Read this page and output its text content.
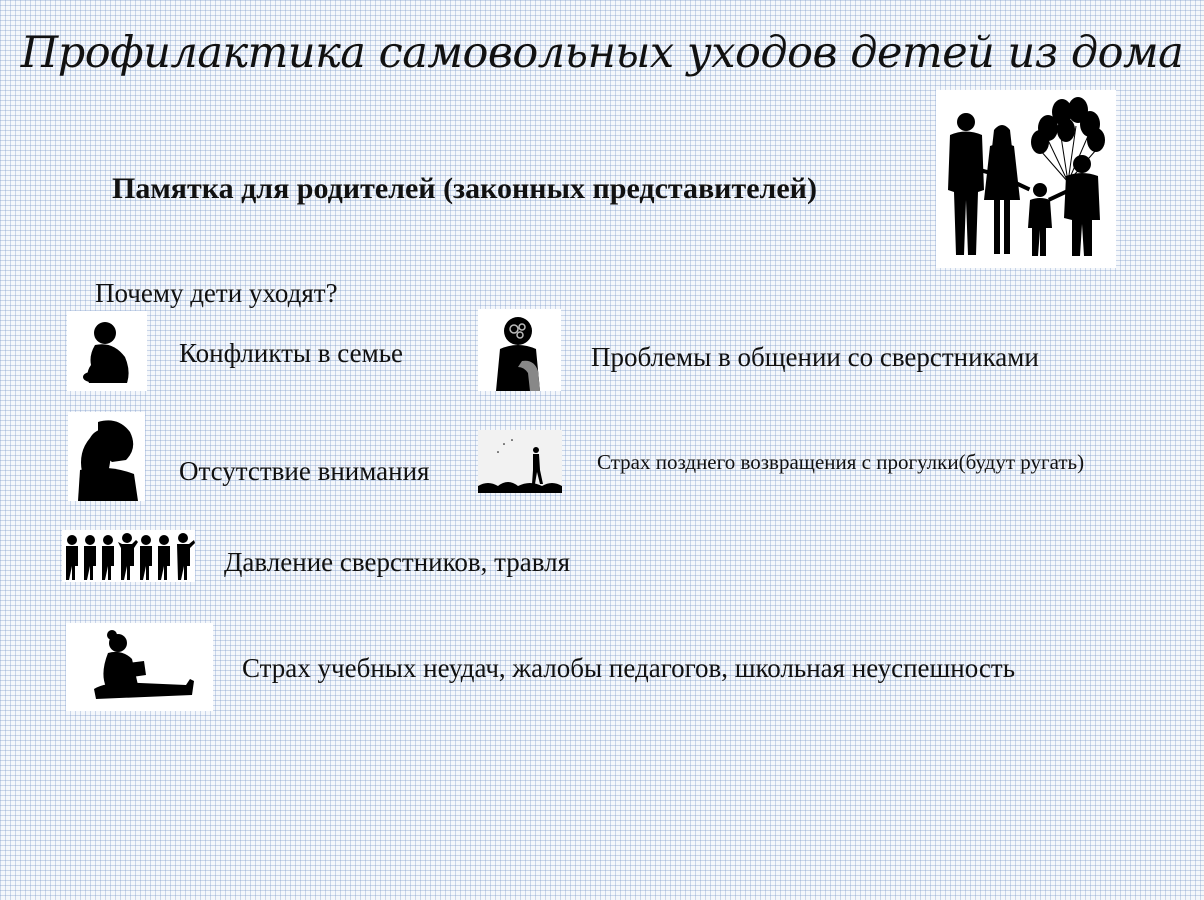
Профилактика самовольных уходов детей из дома
Памятка для родителей (законных представителей)
Почему дети уходят?
Конфликты в семье	Проблемы в общении со сверстниками
Отсутствие внимания	Страх позднего возвращения с прогулки(будут ругать)
Давление сверстников, травля
Страх учебных неудач, жалобы педагогов, школьная неуспешность
